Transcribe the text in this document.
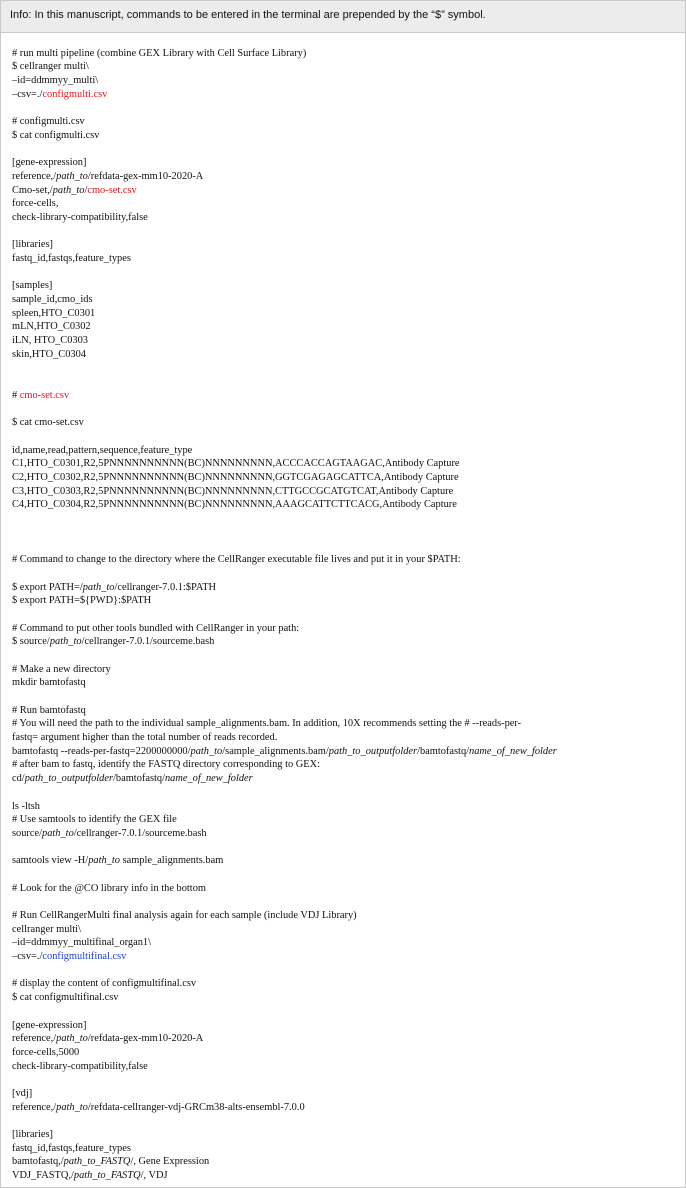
Info: In this manuscript, commands to be entered in the terminal are prepended by the “$” symbol.

# run multi pipeline (combine GEX Library with Cell Surface Library)
$ cellranger multi\
–id=ddmmyy_multi\
–csv=./configmulti.csv

# configmulti.csv
$ cat configmulti.csv

[gene-expression]
reference,/path_to/refdata-gex-mm10-2020-A
Cmo-set,/path_to/cmo-set.csv
force-cells,
check-library-compatibility,false

[libraries]
fastq_id,fastqs,feature_types

[samples]
sample_id,cmo_ids
spleen,HTO_C0301
mLN,HTO_C0302
iLN, HTO_C0303
skin,HTO_C0304

# cmo-set.csv

$ cat cmo-set.csv

id,name,read,pattern,sequence,feature_type
C1,HTO_C0301,R2,5PNNNNNNNNNN(BC)NNNNNNNNN,ACCCACCAGTAAGAC,Antibody Capture
C2,HTO_C0302,R2,5PNNNNNNNNNN(BC)NNNNNNNNN,GGTCGAGAGCATTCA,Antibody Capture
C3,HTO_C0303,R2,5PNNNNNNNNNN(BC)NNNNNNNNN,CTTGCCGCATGTCAT,Antibody Capture
C4,HTO_C0304,R2,5PNNNNNNNNNN(BC)NNNNNNNNN,AAAGCATTCTTCACG,Antibody Capture

# Command to change to the directory where the CellRanger executable file lives and put it in your $PATH:

$ export PATH=/path_to/cellranger-7.0.1:$PATH
$ export PATH=${PWD}:$PATH

# Command to put other tools bundled with CellRanger in your path:
$ source/path_to/cellranger-7.0.1/sourceme.bash

# Make a new directory
mkdir bamtofastq

# Run bamtofastq
# You will need the path to the individual sample_alignments.bam. In addition, 10X recommends setting the # --reads-per-
fastq= argument higher than the total number of reads recorded.
bamtofastq --reads-per-fastq=2200000000/path_to/sample_alignments.bam/path_to_outputfolder/bamtofastq/name_of_new_folder
# after bam to fastq, identify the FASTQ directory corresponding to GEX:
cd/path_to_outputfolder/bamtofastq/name_of_new_folder

ls -ltsh
# Use samtools to identify the GEX file
source/path_to/cellranger-7.0.1/sourceme.bash

samtools view -H/path_to sample_alignments.bam

# Look for the @CO library info in the bottom

# Run CellRangerMulti final analysis again for each sample (include VDJ Library)
cellranger multi\
–id=ddmmyy_multifinal_organ1\
–csv=./configmultifinal.csv

# display the content of configmultifinal.csv
$ cat configmultifinal.csv

[gene-expression]
reference,/path_to/refdata-gex-mm10-2020-A
force-cells,5000
check-library-compatibility,false

[vdj]
reference,/path_to/refdata-cellranger-vdj-GRCm38-alts-ensembl-7.0.0

[libraries]
fastq_id,fastqs,feature_types
bamtofastq,/path_to_FASTQ/, Gene Expression
VDJ_FASTQ,/path_to_FASTQ/, VDJ
